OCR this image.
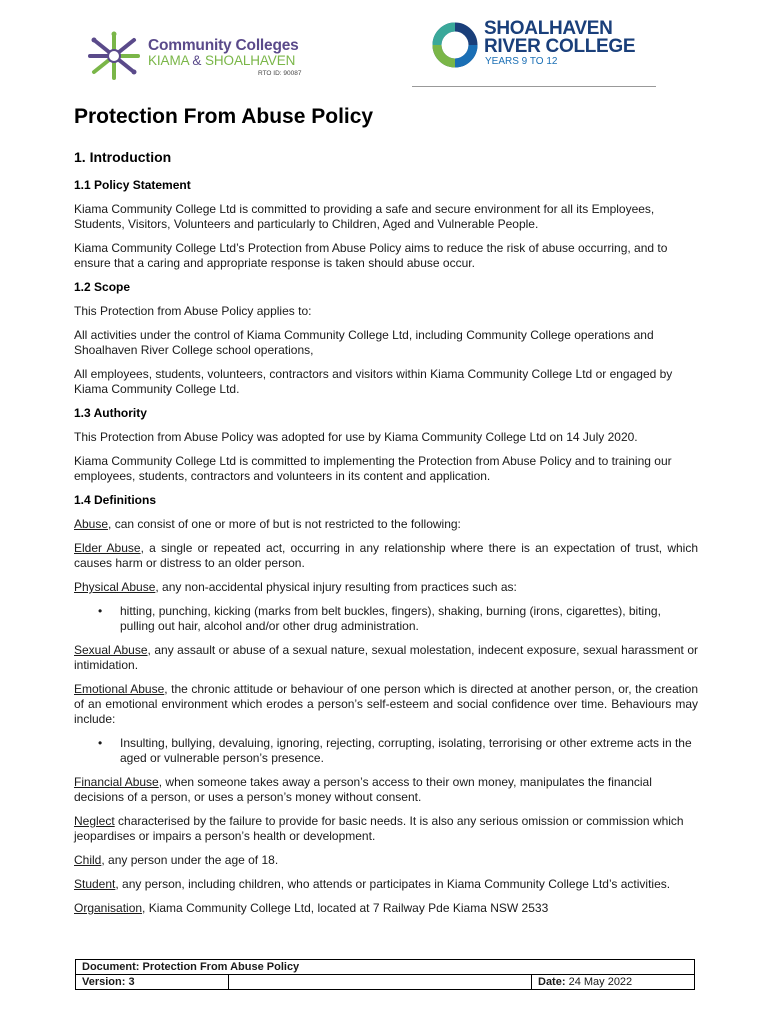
Community Colleges
KIAMA & SHOALHAVEN
RTO ID: 90087
SHOALHAVEN
RIVER COLLEGE
YEARS 9 TO 12
Protection From Abuse Policy
1. Introduction
1.1 Policy Statement

Kiama Community College Ltd is committed to providing a safe and secure environment for all its Employees, Students, Visitors, Volunteers and particularly to Children, Aged and Vulnerable People.

Kiama Community College Ltd’s Protection from Abuse Policy aims to reduce the risk of abuse occurring, and to ensure that a caring and appropriate response is taken should abuse occur.

1.2 Scope

This Protection from Abuse Policy applies to:

All activities under the control of Kiama Community College Ltd, including Community College operations and Shoalhaven River College school operations,

All employees, students, volunteers, contractors and visitors within Kiama Community College Ltd or engaged by Kiama Community College Ltd.

1.3 Authority

This Protection from Abuse Policy was adopted for use by Kiama Community College Ltd on 14 July 2020.

Kiama Community College Ltd is committed to implementing the Protection from Abuse Policy and to training our employees, students, contractors and volunteers in its content and application.

1.4 Definitions

Abuse, can consist of one or more of but is not restricted to the following:

Elder Abuse, a single or repeated act, occurring in any relationship where there is an expectation of trust, which causes harm or distress to an older person.

Physical Abuse, any non-accidental physical injury resulting from practices such as:

• hitting, punching, kicking (marks from belt buckles, fingers), shaking, burning (irons, cigarettes), biting, pulling out hair, alcohol and/or other drug administration.

Sexual Abuse, any assault or abuse of a sexual nature, sexual molestation, indecent exposure, sexual harassment or intimidation.

Emotional Abuse, the chronic attitude or behaviour of one person which is directed at another person, or, the creation of an emotional environment which erodes a person’s self-esteem and social confidence over time. Behaviours may include:

• Insulting, bullying, devaluing, ignoring, rejecting, corrupting, isolating, terrorising or other extreme acts in the aged or vulnerable person’s presence.

Financial Abuse, when someone takes away a person’s access to their own money, manipulates the financial decisions of a person, or uses a person’s money without consent.

Neglect characterised by the failure to provide for basic needs. It is also any serious omission or commission which jeopardises or impairs a person’s health or development.

Child, any person under the age of 18.

Student, any person, including children, who attends or participates in Kiama Community College Ltd’s activities.

Organisation, Kiama Community College Ltd, located at 7 Railway Pde Kiama NSW 2533

Document: Protection From Abuse Policy
Version: 3		Date: 24 May 2022
